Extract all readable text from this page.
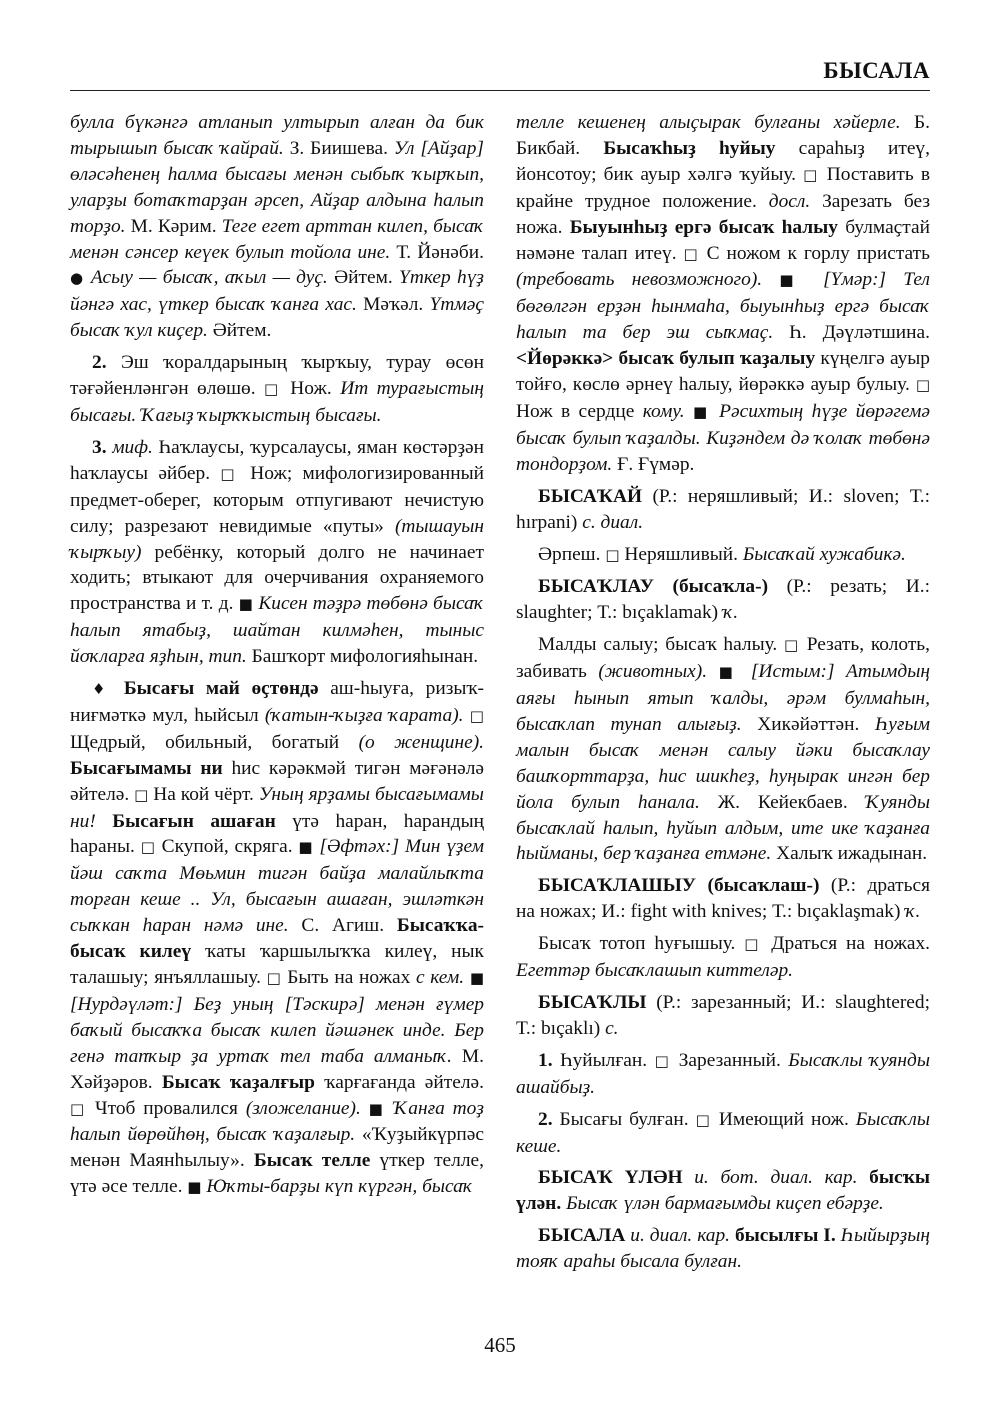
БЫСАЛА

булла бүкәнгә атланып ултырып алған да бик тырышып бысаҡ ҡайрай. З. Биишева. Ул [Айҙар] өләсәһенең һалма бысағы менән сыбыҡ ҡырҡып, уларҙы ботаҡтарҙан әрсеп, Айҙар алдына һалып торҙо. М. Кәрим. Теге егет арттан килеп, бысаҡ менән сәнсер кеүек булып тойола ине. Т. Йәнәби. ● Асыу — бысаҡ, аҡыл — дуҫ. Әйтем. Үткер һүҙ йәнгә хас, үткер бысаҡ ҡанға хас. Мәҡәл. Үтмәҫ бысаҡ ҡул киҫер. Әйтем.

2. Эш ҡоралдарының ҡырҡыу, турау өсөн тәғәйенләнгән өлөшө. □ Нож. Ит турағыстың бысағы. Ҡағыҙ ҡырҡҡыстың бысағы.

3. миф. Һаҡлаусы, ҡурсалаусы, яман көстәрҙән һаҡлаусы әйбер. □ Нож; мифологизированный предмет-оберег, которым отпугивают нечистую силу; разрезают невидимые «путы» (тышауын ҡырҡыу) ребёнку, который долго не начинает ходить; втыкают для очерчивания охраняемого пространства и т. д. ■ Кисен тәҙрә төбөнә бысаҡ һалып ятабыҙ, шайтан килмәһен, тыныс йоҡларға яҙһын, тип. Башҡорт мифологияһынан.

♦ Бысағы май өҫтөндә аш-һыуға, ризыҡ-ниғмәткә мул, һыйсыл (ҡатын-ҡыҙға ҡарата). □ Щедрый, обильный, богатый (о женщине). Бысағымамы ни һис кәрәкмәй тигән мәғәнәлә әйтелә. □ На кой чёрт. Уның ярҙамы бысағымамы ни! Бысағын ашаған үтә һаран, һарандың һараны. □ Скупой, скряга. ■ [Әфтәх:] Мин үҙем йәш саҡта Мөьмин тигән байҙа малайлыҡта торған кеше .. Ул, бысағын ашаған, эшләткән сыҡкан һаран нәмә ине. С. Агиш. Бысаҡҡа-бысаҡ килеү ҡаты ҡаршылыҡҡа килеү, нык талашыу; янъяллашыу. □ Быть на ножах с кем. ■ [Нурдәүләт:] Беҙ уның [Тәскирә] менән ғүмер баҡый бысаҡҡа бысаҡ килеп йәшәнек инде. Бер генә тапҡыр ҙа уртаҡ тел таба алманыҡ. М. Хәйҙәров. Бысаҡ ҡаҙалғыр ҡарғағанда әйтелә. □ Чтоб провалился (зложелание). ■ Ҡанға тоҙ һалып йөрөйһөң, бысаҡ ҡаҙалғыр. «Ҡуҙыйкүрпәс менән Маянһылыу». Бысаҡ телле үткер телле, үтә әсе телле. ■ Юҡты-барҙы күп күргән, бысаҡ

телле кешенең алыҫырак булғаны хәйерле. Б. Бикбай. Бысаҡһыҙ һуйыу сараһыҙ итеү, йонсотоу; бик ауыр хәлгә ҡуйыу. □ Поставить в крайне трудное положение. досл. Зарезать без ножа. Быуынһыҙ ергә бысаҡ һалыу булмаҫтай нәмәне талап итеү. □ С ножом к горлу пристать (требовать невозможного). ■ [Үмәр:] Тел бөгөлгән ерҙән һынмаһа, быуынһыҙ ергә бысаҡ һалып та бер эш сыҡмаҫ. Һ. Дәүләтшина. <Йөрәккә> бысаҡ булып ҡаҙалыу күңелгә ауыр тойғо, көслө әрнеү һалыу, йөрәккә ауыр булыу. □ Нож в сердце кому. ■ Рәсихтың һүҙе йөрәгемә бысаҡ булып ҡаҙалды. Киҙәндем дә ҡолаҡ төбөнә тондорҙом. Ғ. Ғүмәр.

БЫСАҠАЙ (Р.: неряшливый; И.: sloven; Т.: hırpani) с. диал.

Әрпеш. □ Неряшливый. Бысаҡай хужабикә.

БЫСАҠЛАУ (бысаҡла-) (Р.: резать; И.: slaughter; Т.: bıçaklamak) ҡ.

Малды салыу; бысаҡ һалыу. □ Резать, колоть, забивать (животных). ■ [Истым:] Атымдың аяғы һынып ятып ҡалды, әрәм булмаһын, бысаҡлап тунап алығыҙ. Хикәйәттән. Һуғым малын бысаҡ менән салыу йәки бысаҡлау башҡорттарҙа, һис шикһеҙ, һуңырак ингән бер йола булып һанала. Ж. Кейекбаев. Ҡуянды бысаҡлай һалып, һуйып алдым, ите ике ҡаҙанға һыйманы, бер ҡаҙанға етмәне. Халыҡ ижадынан.

БЫСАҠЛАШЫУ (бысаҡлаш-) (Р.: драться на ножах; И.: fight with knives; Т.: bıçaklaşmak) ҡ.

Бысаҡ тотоп һуғышыу. □ Драться на ножах. Егеттәр бысаҡлашып киттеләр.

БЫСАҠЛЫ (Р.: зарезанный; И.: slaughtered; Т.: bıçaklı) с.

1. Һуйылған. □ Зарезанный. Бысаҡлы ҡуянды ашайбыҙ.

2. Бысағы булған. □ Имеющий нож. Бысаҡлы кеше.

БЫСАҠ ҮЛӘН и. бот. диал. кар. бысҡы үлән. Бысаҡ үлән бармағымды киҫеп ебәрҙе.

БЫСАЛА и. диал. кар. бысылғы I. Һыйырҙың тояҡ араһы бысала булған.

465
